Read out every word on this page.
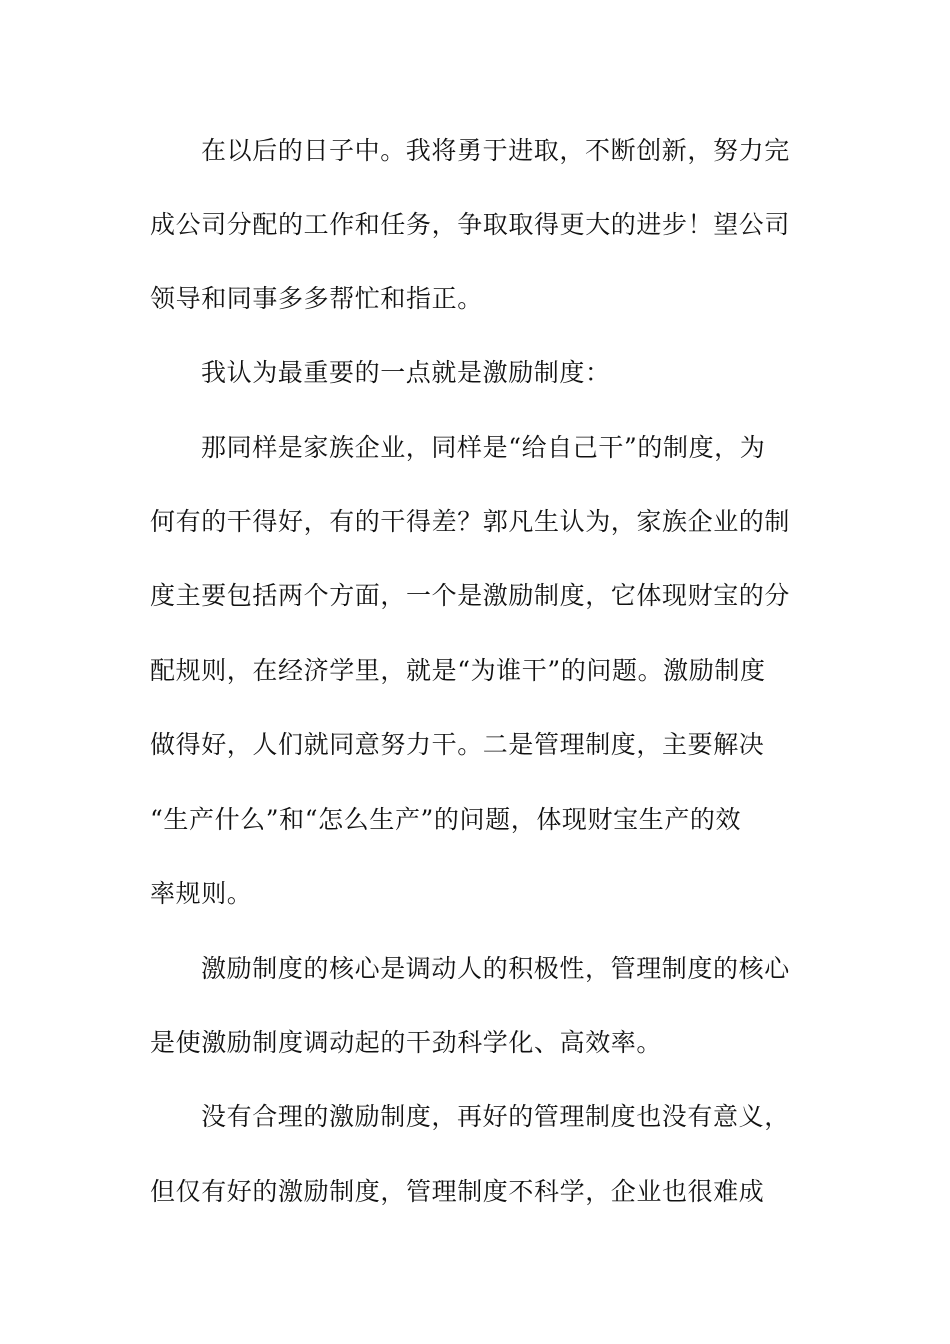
在以后的日子中。我将勇于进取，不断创新，努力完
成公司分配的工作和任务，争取取得更大的进步！望公司
领导和同事多多帮忙和指正。
我认为最重要的一点就是激励制度：
那同样是家族企业，同样是“给自己干”的制度，为
何有的干得好，有的干得差？郭凡生认为，家族企业的制
度主要包括两个方面，一个是激励制度，它体现财宝的分
配规则，在经济学里，就是“为谁干”的问题。激励制度
做得好，人们就同意努力干。二是管理制度，主要解决
“生产什么”和“怎么生产”的问题，体现财宝生产的效
率规则。
激励制度的核心是调动人的积极性，管理制度的核心
是使激励制度调动起的干劲科学化、高效率。
没有合理的激励制度，再好的管理制度也没有意义，
但仅有好的激励制度，管理制度不科学，企业也很难成
